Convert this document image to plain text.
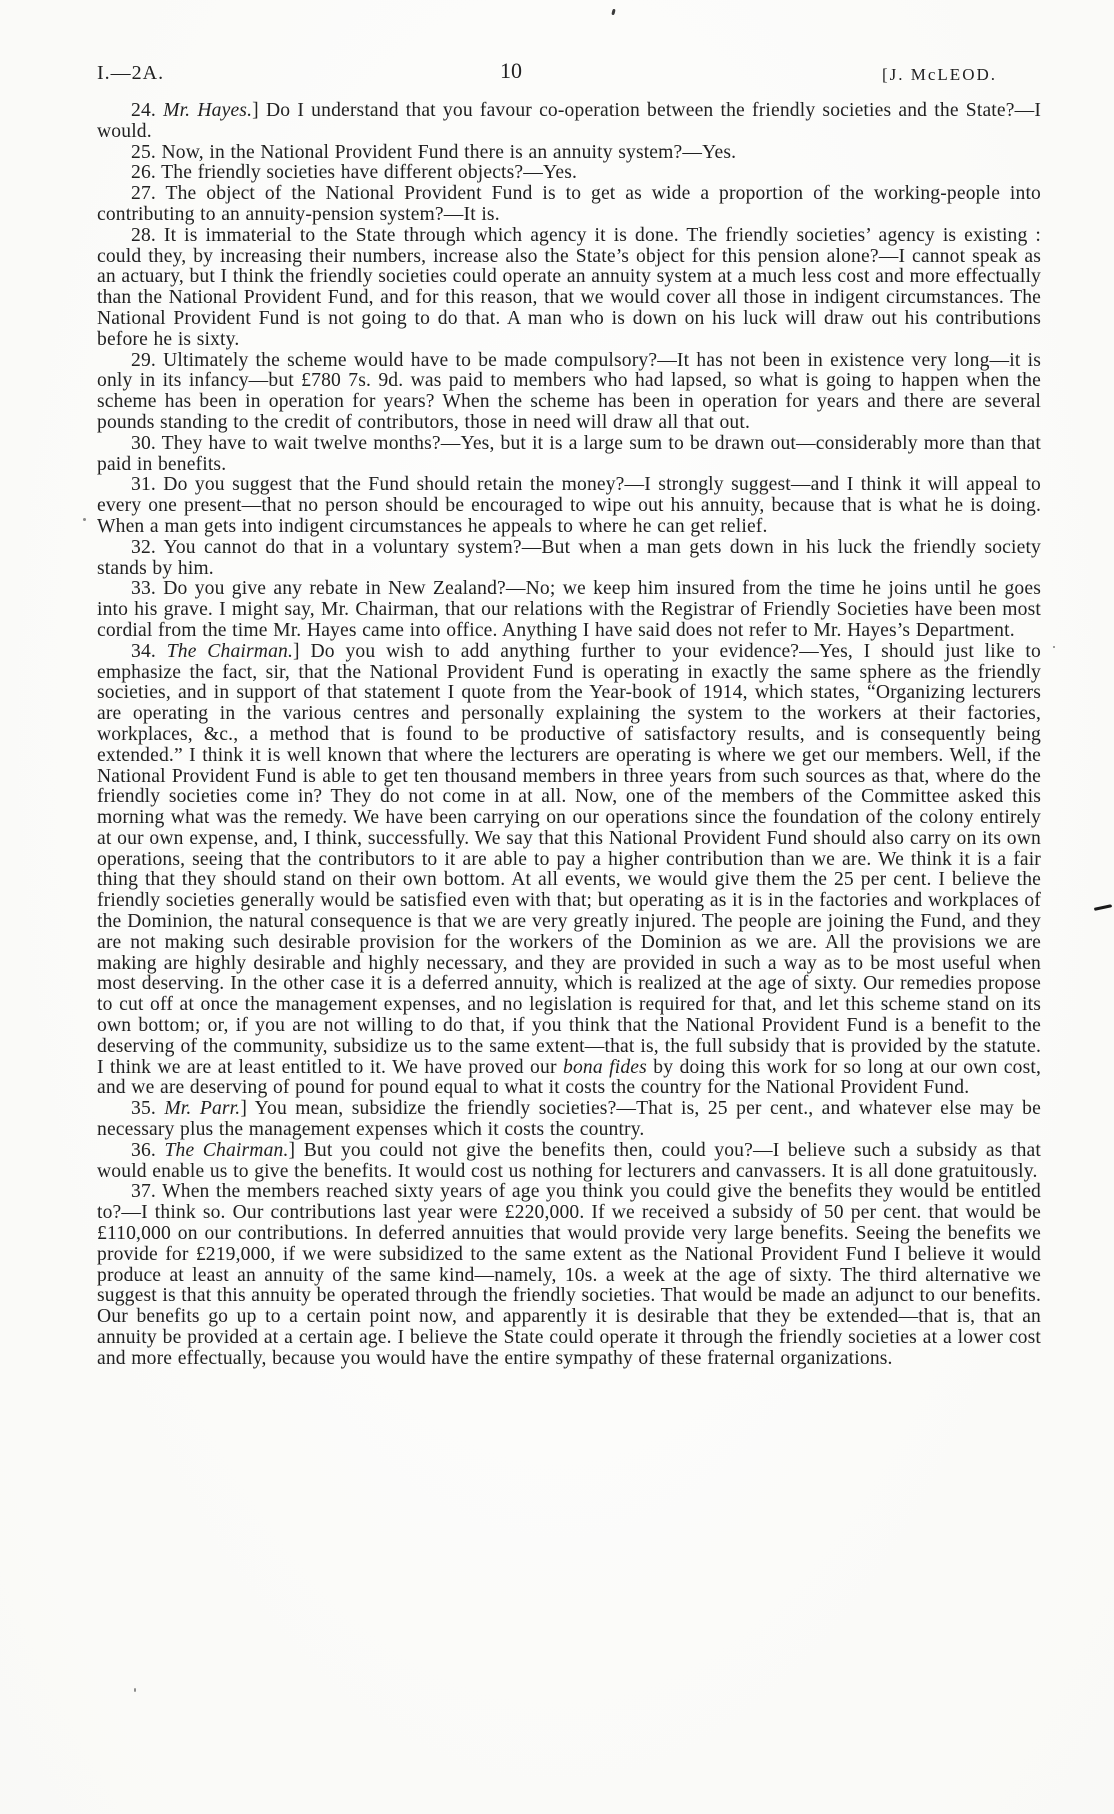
I.—2A.	10	[J. McLEOD.

24. Mr. Hayes.] Do I understand that you favour co-operation between the friendly societies and the State?—I would.

25. Now, in the National Provident Fund there is an annuity system?—Yes.

26. The friendly societies have different objects?—Yes.

27. The object of the National Provident Fund is to get as wide a proportion of the working-people into contributing to an annuity-pension system?—It is.

28. It is immaterial to the State through which agency it is done. The friendly societies’ agency is existing : could they, by increasing their numbers, increase also the State’s object for this pension alone?—I cannot speak as an actuary, but I think the friendly societies could operate an annuity system at a much less cost and more effectually than the National Provident Fund, and for this reason, that we would cover all those in indigent circumstances. The National Provident Fund is not going to do that. A man who is down on his luck will draw out his contributions before he is sixty.

29. Ultimately the scheme would have to be made compulsory?—It has not been in existence very long—it is only in its infancy—but £780 7s. 9d. was paid to members who had lapsed, so what is going to happen when the scheme has been in operation for years? When the scheme has been in operation for years and there are several pounds standing to the credit of contributors, those in need will draw all that out.

30. They have to wait twelve months?—Yes, but it is a large sum to be drawn out—considerably more than that paid in benefits.

31. Do you suggest that the Fund should retain the money?—I strongly suggest—and I think it will appeal to every one present—that no person should be encouraged to wipe out his annuity, because that is what he is doing. When a man gets into indigent circumstances he appeals to where he can get relief.

32. You cannot do that in a voluntary system?—But when a man gets down in his luck the friendly society stands by him.

33. Do you give any rebate in New Zealand?—No; we keep him insured from the time he joins until he goes into his grave. I might say, Mr. Chairman, that our relations with the Registrar of Friendly Societies have been most cordial from the time Mr. Hayes came into office. Anything I have said does not refer to Mr. Hayes’s Department.

34. The Chairman.] Do you wish to add anything further to your evidence?—Yes, I should just like to emphasize the fact, sir, that the National Provident Fund is operating in exactly the same sphere as the friendly societies, and in support of that statement I quote from the Year-book of 1914, which states, “Organizing lecturers are operating in the various centres and personally explaining the system to the workers at their factories, workplaces, &c., a method that is found to be productive of satisfactory results, and is consequently being extended.” I think it is well known that where the lecturers are operating is where we get our members. Well, if the National Provident Fund is able to get ten thousand members in three years from such sources as that, where do the friendly societies come in? They do not come in at all. Now, one of the members of the Committee asked this morning what was the remedy. We have been carrying on our operations since the foundation of the colony entirely at our own expense, and, I think, successfully. We say that this National Provident Fund should also carry on its own operations, seeing that the contributors to it are able to pay a higher contribution than we are. We think it is a fair thing that they should stand on their own bottom. At all events, we would give them the 25 per cent. I believe the friendly societies generally would be satisfied even with that; but operating as it is in the factories and workplaces of the Dominion, the natural consequence is that we are very greatly injured. The people are joining the Fund, and they are not making such desirable provision for the workers of the Dominion as we are. All the provisions we are making are highly desirable and highly necessary, and they are provided in such a way as to be most useful when most deserving. In the other case it is a deferred annuity, which is realized at the age of sixty. Our remedies propose to cut off at once the management expenses, and no legislation is required for that, and let this scheme stand on its own bottom; or, if you are not willing to do that, if you think that the National Provident Fund is a benefit to the deserving of the community, subsidize us to the same extent—that is, the full subsidy that is provided by the statute. I think we are at least entitled to it. We have proved our bona fides by doing this work for so long at our own cost, and we are deserving of pound for pound equal to what it costs the country for the National Provident Fund.

35. Mr. Parr.] You mean, subsidize the friendly societies?—That is, 25 per cent., and whatever else may be necessary plus the management expenses which it costs the country.

36. The Chairman.] But you could not give the benefits then, could you?—I believe such a subsidy as that would enable us to give the benefits. It would cost us nothing for lecturers and canvassers. It is all done gratuitously.

37. When the members reached sixty years of age you think you could give the benefits they would be entitled to?—I think so. Our contributions last year were £220,000. If we received a subsidy of 50 per cent. that would be £110,000 on our contributions. In deferred annuities that would provide very large benefits. Seeing the benefits we provide for £219,000, if we were subsidized to the same extent as the National Provident Fund I believe it would produce at least an annuity of the same kind—namely, 10s. a week at the age of sixty. The third alternative we suggest is that this annuity be operated through the friendly societies. That would be made an adjunct to our benefits. Our benefits go up to a certain point now, and apparently it is desirable that they be extended—that is, that an annuity be provided at a certain age. I believe the State could operate it through the friendly societies at a lower cost and more effectually, because you would have the entire sympathy of these fraternal organizations.
